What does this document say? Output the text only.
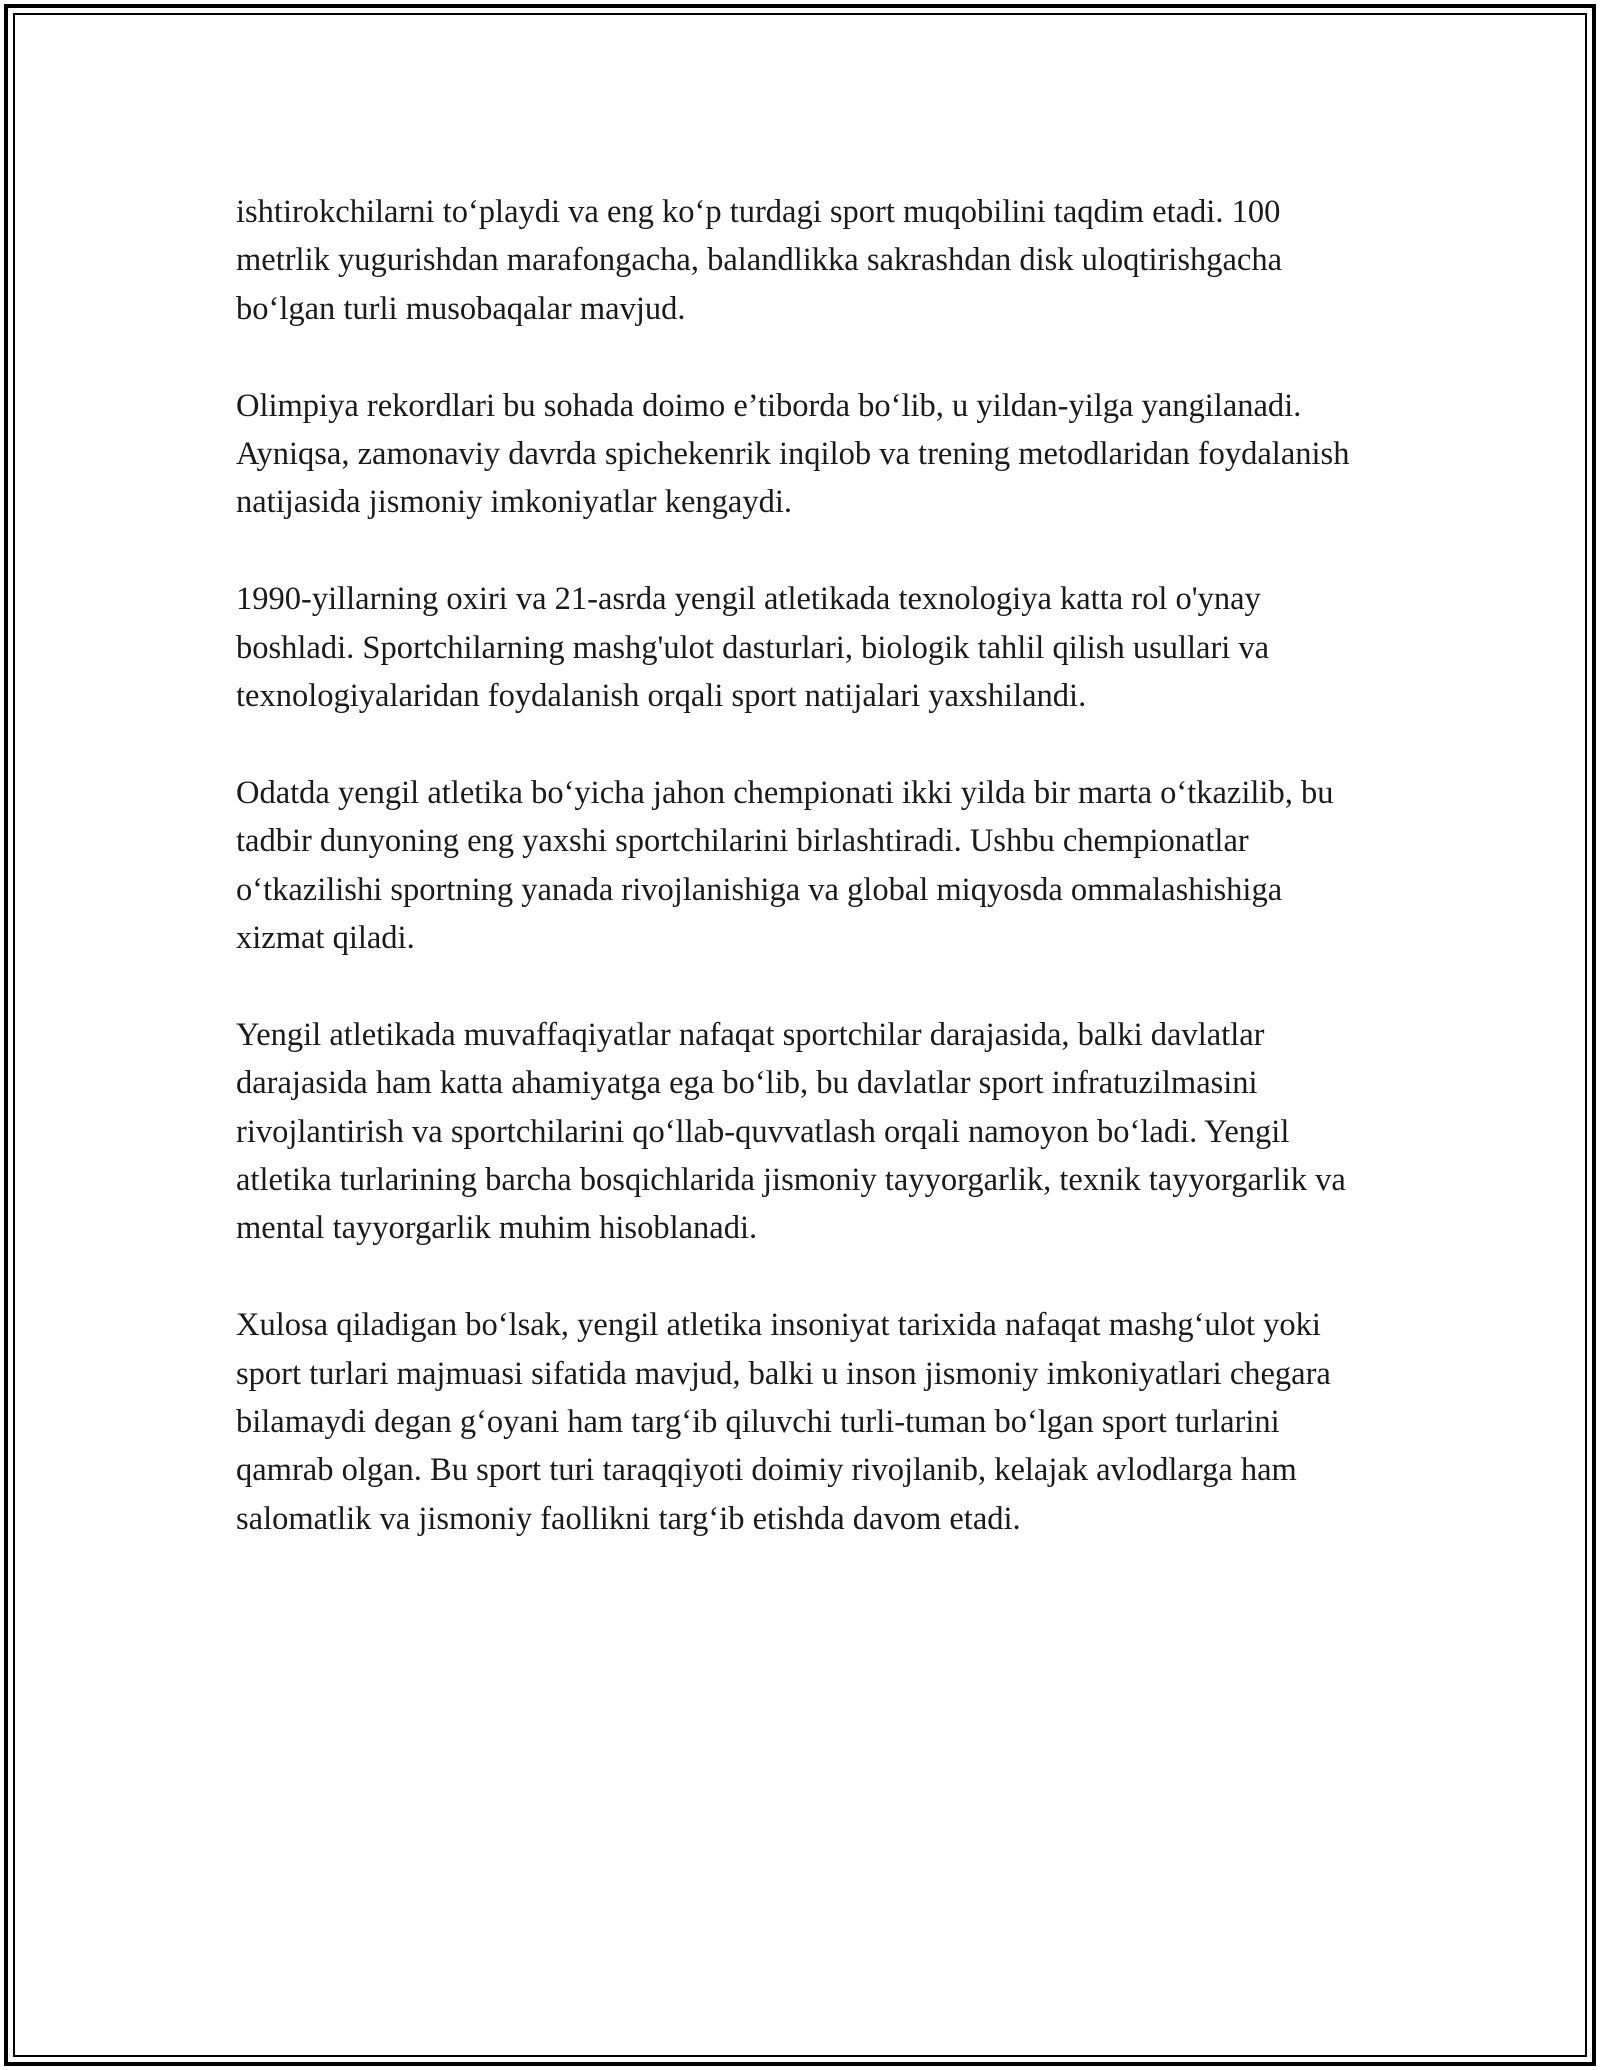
ishtirokchilarni to‘playdi va eng ko‘p turdagi sport muqobilini taqdim etadi. 100 metrlik yugurishdan marafongacha, balandlikka sakrashdan disk uloqtirishgacha bo‘lgan turli musobaqalar mavjud.

Olimpiya rekordlari bu sohada doimo e’tiborda bo‘lib, u yildan-yilga yangilanadi. Ayniqsa, zamonaviy davrda spichekenrik inqilob va trening metodlaridan foydalanish natijasida jismoniy imkoniyatlar kengaydi.

1990-yillarning oxiri va 21-asrda yengil atletikada texnologiya katta rol o'ynay boshladi. Sportchilarning mashg'ulot dasturlari, biologik tahlil qilish usullari va texnologiyalaridan foydalanish orqali sport natijalari yaxshilandi.

Odatda yengil atletika bo‘yicha jahon chempionati ikki yilda bir marta o‘tkazilib, bu tadbir dunyoning eng yaxshi sportchilarini birlashtiradi. Ushbu chempionatlar o‘tkazilishi sportning yanada rivojlanishiga va global miqyosda ommalashishiga xizmat qiladi.

Yengil atletikada muvaffaqiyatlar nafaqat sportchilar darajasida, balki davlatlar darajasida ham katta ahamiyatga ega bo‘lib, bu davlatlar sport infratuzilmasini rivojlantirish va sportchilarini qo‘llab-quvvatlash orqali namoyon bo‘ladi. Yengil atletika turlarining barcha bosqichlarida jismoniy tayyorgarlik, texnik tayyorgarlik va mental tayyorgarlik muhim hisoblanadi.

Xulosa qiladigan bo‘lsak, yengil atletika insoniyat tarixida nafaqat mashg‘ulot yoki sport turlari majmuasi sifatida mavjud, balki u inson jismoniy imkoniyatlari chegara bilamaydi degan g‘oyani ham targ‘ib qiluvchi turli-tuman bo‘lgan sport turlarini qamrab olgan. Bu sport turi taraqqiyoti doimiy rivojlanib, kelajak avlodlarga ham salomatlik va jismoniy faollikni targ‘ib etishda davom etadi.
